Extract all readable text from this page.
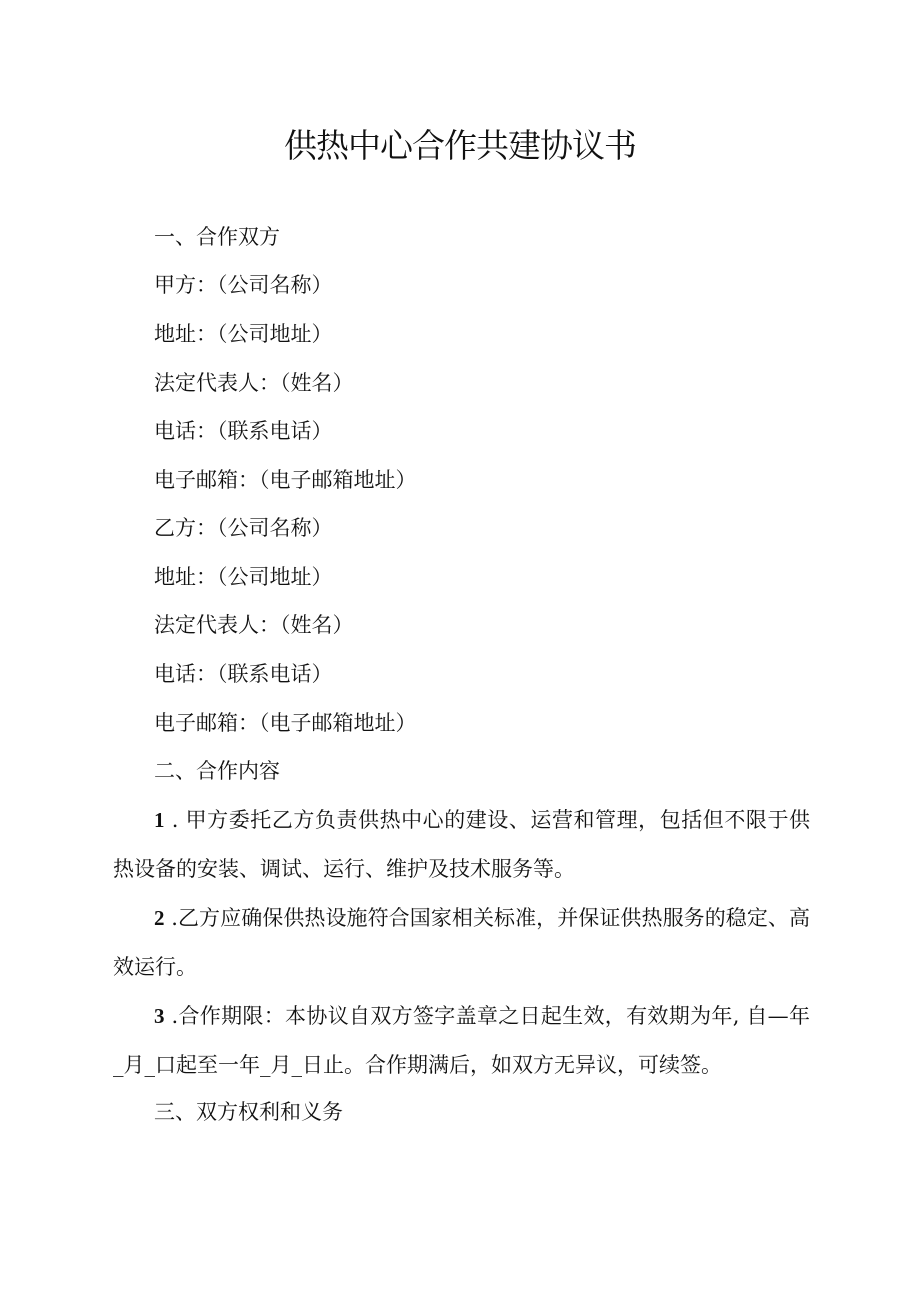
供热中心合作共建协议书

一、合作双方

甲方：（公司名称）

地址：（公司地址）

法定代表人：（姓名）

电话：（联系电话）

电子邮箱：（电子邮箱地址）

乙方：（公司名称）

地址：（公司地址）

法定代表人：（姓名）

电话：（联系电话）

电子邮箱：（电子邮箱地址）

二、合作内容

1 . 甲方委托乙方负责供热中心的建设、运营和管理，包括但不限于供热设备的安装、调试、运行、维护及技术服务等。

2 .乙方应确保供热设施符合国家相关标准，并保证供热服务的稳定、高效运行。

3 .合作期限：本协议自双方签字盖章之日起生效，有效期为年, 自—年_月_口起至一年_月_日止。合作期满后，如双方无异议，可续签。

三、双方权利和义务
